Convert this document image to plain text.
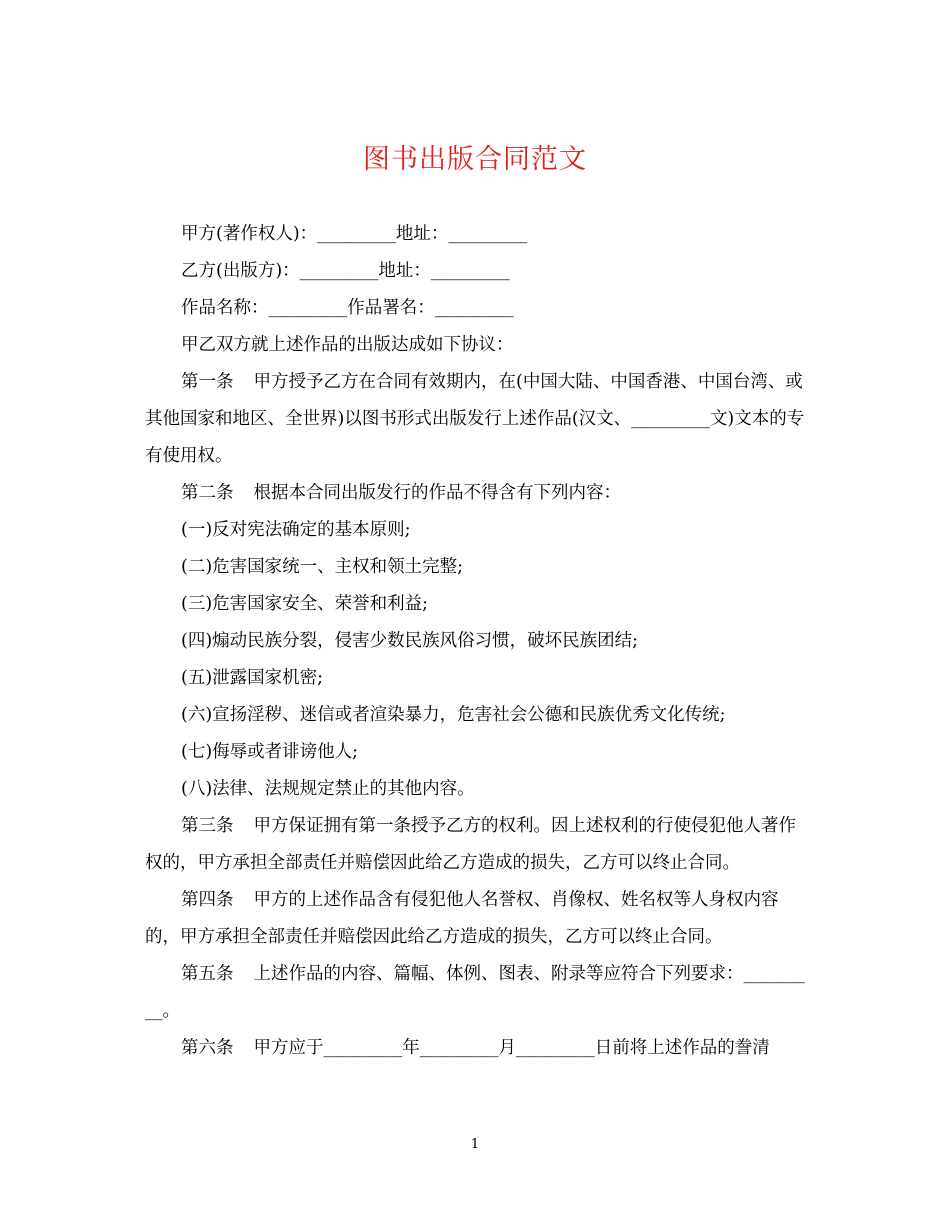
图书出版合同范文

甲方(著作权人)：_________地址：_________

乙方(出版方)：_________地址：_________

作品名称：_________作品署名：_________

甲乙双方就上述作品的出版达成如下协议：

第一条 甲方授予乙方在合同有效期内，在(中国大陆、中国香港、中国台湾、或其他国家和地区、全世界)以图书形式出版发行上述作品(汉文、_________文)文本的专有使用权。

第二条 根据本合同出版发行的作品不得含有下列内容：

(一)反对宪法确定的基本原则;

(二)危害国家统一、主权和领土完整;

(三)危害国家安全、荣誉和利益;

(四)煽动民族分裂，侵害少数民族风俗习惯，破坏民族团结;

(五)泄露国家机密;

(六)宣扬淫秽、迷信或者渲染暴力，危害社会公德和民族优秀文化传统;

(七)侮辱或者诽谤他人;

(八)法律、法规规定禁止的其他内容。

第三条 甲方保证拥有第一条授予乙方的权利。因上述权利的行使侵犯他人著作权的，甲方承担全部责任并赔偿因此给乙方造成的损失，乙方可以终止合同。

第四条 甲方的上述作品含有侵犯他人名誉权、肖像权、姓名权等人身权内容的，甲方承担全部责任并赔偿因此给乙方造成的损失，乙方可以终止合同。

第五条 上述作品的内容、篇幅、体例、图表、附录等应符合下列要求：_________。

第六条 甲方应于_________年_________月_________日前将上述作品的誊清

1
